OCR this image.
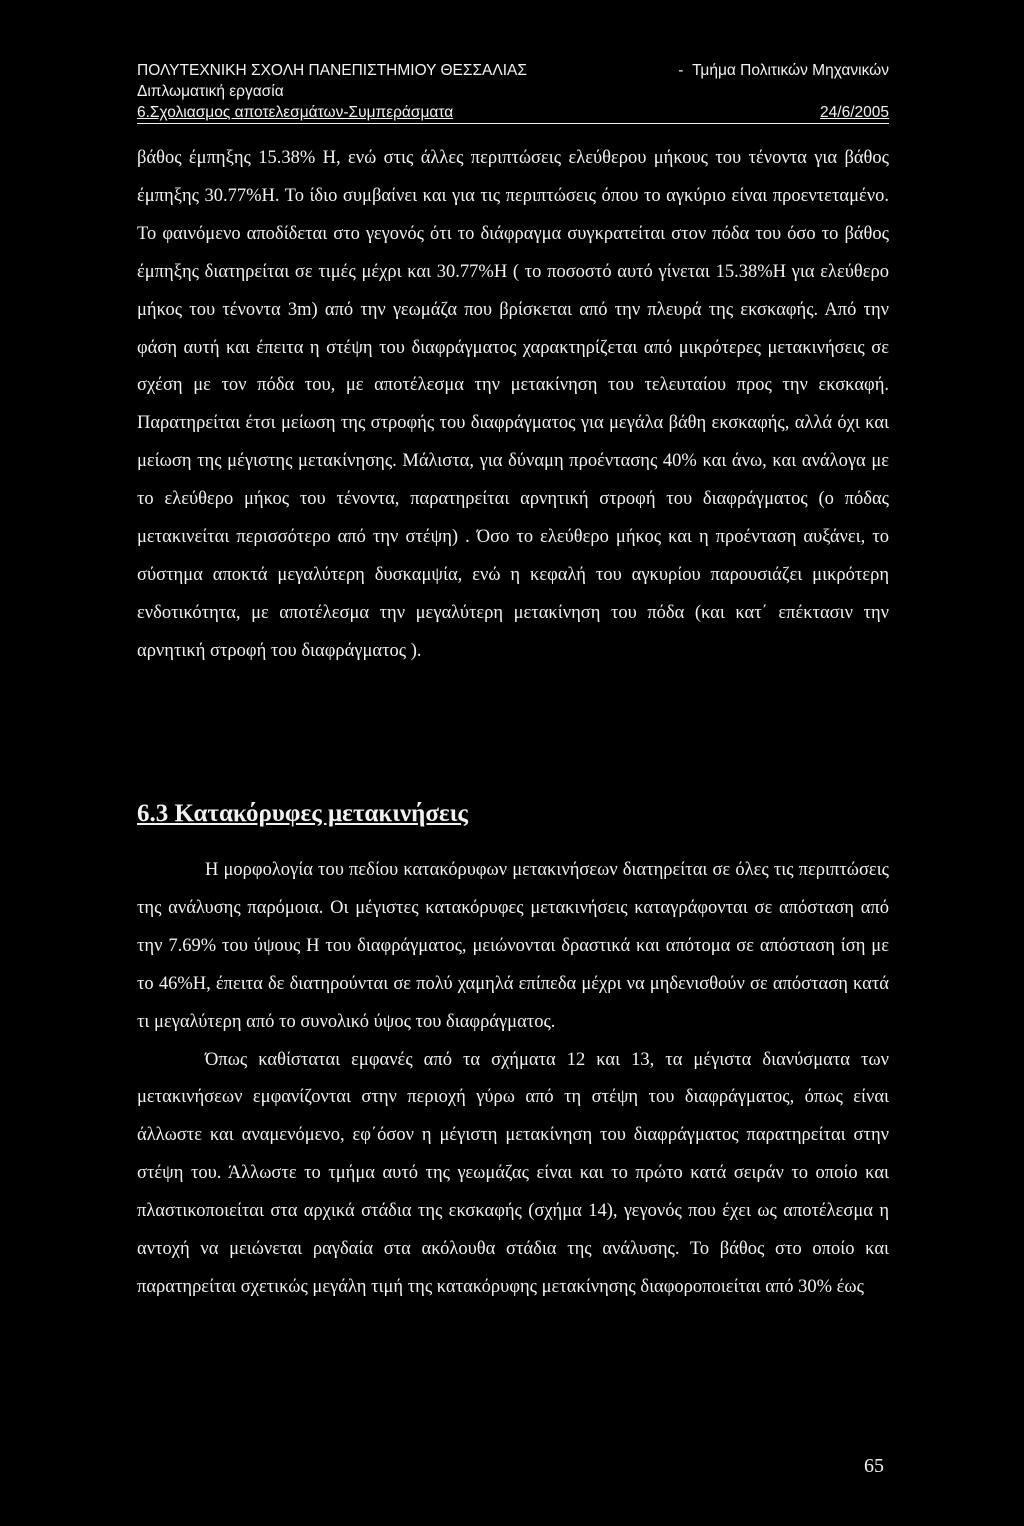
ΠΟΛΥΤΕΧΝΙΚΗ ΣΧΟΛΗ ΠΑΝΕΠΙΣΤΗΜΙΟΥ ΘΕΣΣΑΛΙΑΣ	- Τμήμα Πολιτικών Μηχανικών
Διπλωματική εργασία
6.Σχολιασμος αποτελεσμάτων-Συμπεράσματα	24/6/2005

βάθος έμπηξης 15.38% Η, ενώ στις άλλες περιπτώσεις ελεύθερου μήκους του τένοντα για βάθος έμπηξης 30.77%Η. Το ίδιο συμβαίνει και για τις περιπτώσεις όπου το αγκύριο είναι προεντεταμένο. Το φαινόμενο αποδίδεται στο γεγονός ότι το διάφραγμα συγκρατείται στον πόδα του όσο το βάθος έμπηξης διατηρείται σε τιμές μέχρι και 30.77%Η ( το ποσοστό αυτό γίνεται 15.38%Η για ελεύθερο μήκος του τένοντα 3m) από την γεωμάζα που βρίσκεται από την πλευρά της εκσκαφής. Από την φάση αυτή και έπειτα η στέψη του διαφράγματος χαρακτηρίζεται από μικρότερες μετακινήσεις σε σχέση με τον πόδα του, με αποτέλεσμα την μετακίνηση του τελευταίου προς την εκσκαφή. Παρατηρείται έτσι μείωση της στροφής του διαφράγματος για μεγάλα βάθη εκσκαφής, αλλά όχι και μείωση της μέγιστης μετακίνησης. Μάλιστα, για δύναμη προέντασης 40% και άνω, και ανάλογα με το ελεύθερο μήκος του τένοντα, παρατηρείται αρνητική στροφή του διαφράγματος (ο πόδας μετακινείται περισσότερο από την στέψη) . Όσο το ελεύθερο μήκος και η προένταση αυξάνει, το σύστημα αποκτά μεγαλύτερη δυσκαμψία, ενώ η κεφαλή του αγκυρίου παρουσιάζει μικρότερη ενδοτικότητα, με αποτέλεσμα την μεγαλύτερη μετακίνηση του πόδα (και κατ΄ επέκτασιν την αρνητική στροφή του διαφράγματος ).

6.3 Κατακόρυφες μετακινήσεις

Η μορφολογία του πεδίου κατακόρυφων μετακινήσεων διατηρείται σε όλες τις περιπτώσεις της ανάλυσης παρόμοια. Οι μέγιστες κατακόρυφες μετακινήσεις καταγράφονται σε απόσταση από την 7.69% του ύψους Η του διαφράγματος, μειώνονται δραστικά και απότομα σε απόσταση ίση με το 46%Η, έπειτα δε διατηρούνται σε πολύ χαμηλά επίπεδα μέχρι να μηδενισθούν σε απόσταση κατά τι μεγαλύτερη από το συνολικό ύψος του διαφράγματος.

Όπως καθίσταται εμφανές από τα σχήματα 12 και 13, τα μέγιστα διανύσματα των μετακινήσεων εμφανίζονται στην περιοχή γύρω από τη στέψη του διαφράγματος, όπως είναι άλλωστε και αναμενόμενο, εφ΄όσον η μέγιστη μετακίνηση του διαφράγματος παρατηρείται στην στέψη του. Άλλωστε το τμήμα αυτό της γεωμάζας είναι και το πρώτο κατά σειράν το οποίο και πλαστικοποιείται στα αρχικά στάδια της εκσκαφής (σχήμα 14), γεγονός που έχει ως αποτέλεσμα η αντοχή να μειώνεται ραγδαία στα ακόλουθα στάδια της ανάλυσης. Το βάθος στο οποίο και παρατηρείται σχετικώς μεγάλη τιμή της κατακόρυφης μετακίνησης διαφοροποιείται από 30% έως

65
